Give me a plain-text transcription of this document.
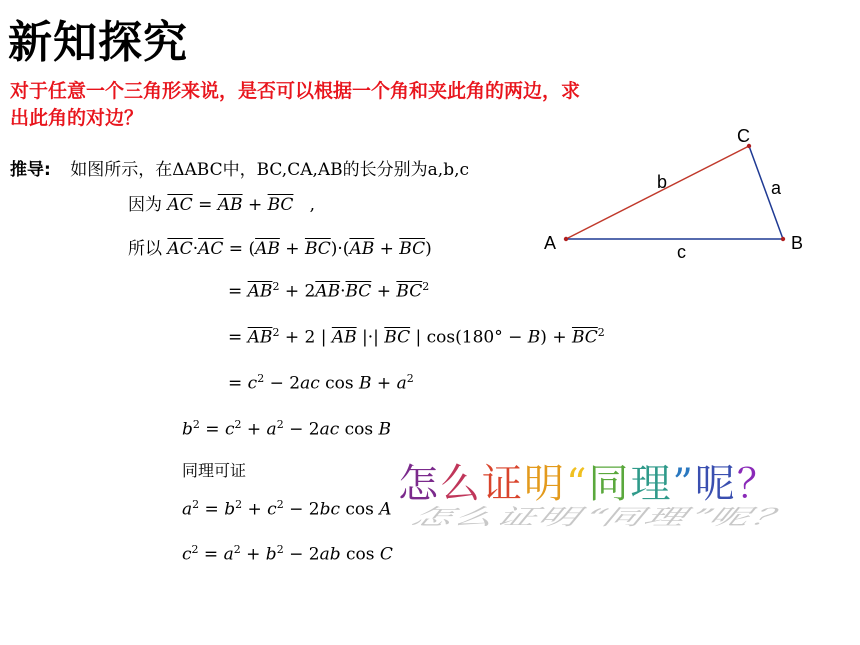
新知探究
对于任意一个三角形来说，是否可以根据一个角和夹此角的两边，求
出此角的对边？
推导: 如图所示，在ΔABC中，BC,CA,AB的长分别为a,b,c
因为 $\overline{AC} = \overline{AB} + \overline{BC}$   ,
所以 $\overline{AC}\cdot\overline{AC} = (\overline{AB} + \overline{BC})\cdot(\overline{AB} + \overline{BC})$
= $\overline{AB}^2 + 2\overline{AB}\cdot\overline{BC} + \overline{BC}^2$
= $\overline{AB}^2 + 2$ | $\overline{AB}$ |·| $\overline{BC}$ | $\cos(180^\circ - B) + \overline{BC}^2$
= $c^2 - 2ac$ $\cos B + a^2$
$b^2 = c^2 + a^2 - 2ac$ cos B
同理可证
$a^2 = b^2 + c^2 - 2bc$ cos A
$c^2 = a^2 + b^2 - 2ab$ cos C
A	B
C
a
b
c
怎么证明“同理”呢？
怎么证明“同理”呢？
